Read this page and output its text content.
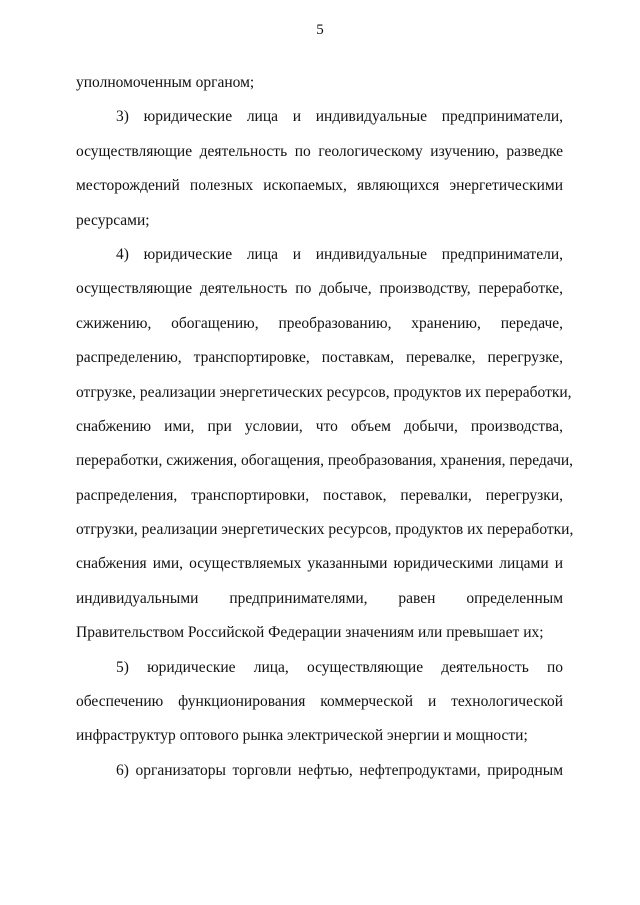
5
уполномоченным органом;
3) юридические лица и индивидуальные предприниматели,
осуществляющие деятельность по геологическому изучению, разведке
месторождений полезных ископаемых, являющихся энергетическими
ресурсами;
4) юридические лица и индивидуальные предприниматели,
осуществляющие деятельность по добыче, производству, переработке,
сжижению, обогащению, преобразованию, хранению, передаче,
распределению, транспортировке, поставкам, перевалке, перегрузке,
отгрузке, реализации энергетических ресурсов, продуктов их переработки,
снабжению ими, при условии, что объем добычи, производства,
переработки, сжижения, обогащения, преобразования, хранения, передачи,
распределения, транспортировки, поставок, перевалки, перегрузки,
отгрузки, реализации энергетических ресурсов, продуктов их переработки,
снабжения ими, осуществляемых указанными юридическими лицами и
индивидуальными предпринимателями, равен определенным
Правительством Российской Федерации значениям или превышает их;
5) юридические лица, осуществляющие деятельность по
обеспечению функционирования коммерческой и технологической
инфраструктур оптового рынка электрической энергии и мощности;
6) организаторы торговли нефтью, нефтепродуктами, природным
